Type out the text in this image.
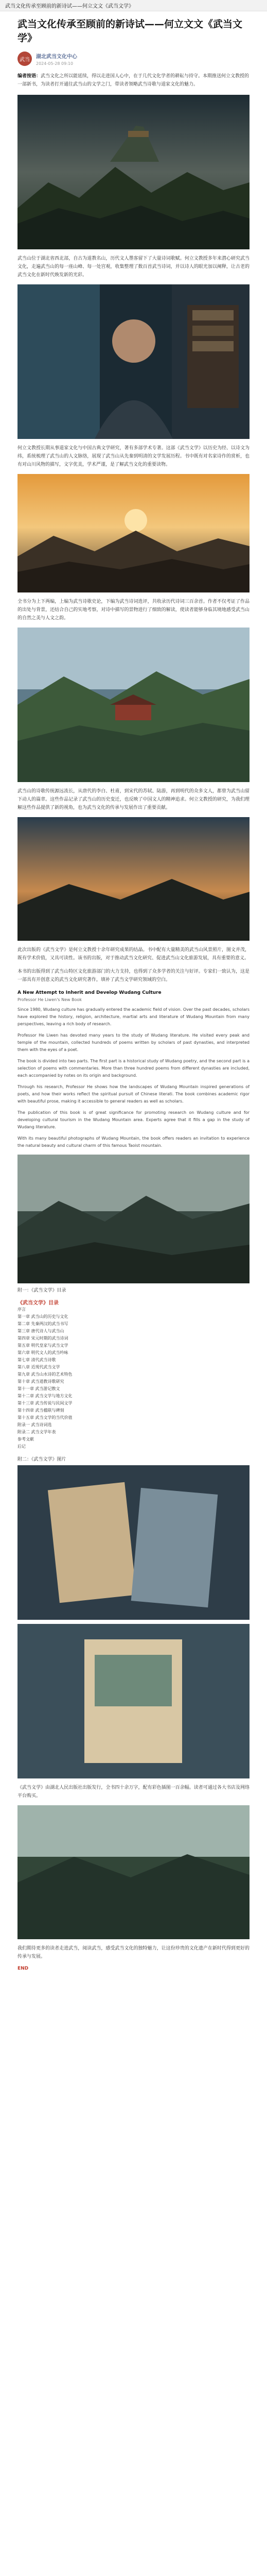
武当文化传承至顾前的新诗试——何立文文《武当文学》
武当文化传承至顾前的新诗试——何立文文《武当文学》
武当
湖北武当文化中心
2024-05-28 09:10

编者按语：武当文化之所以能延续，得以走进国人心中，在于几代文化学者的耕耘与持守。本期推送何立文教授的一部新书，为读者打开通往武当山的文学之门，带读者领略武当诗歌与道家文化的魅力。

武当山位于湖北省西北部，自古为道教名山，历代文人墨客留下了大量诗词歌赋。何立文教授多年来潜心研究武当文化，走遍武当山的每一座山峰、每一处宫观，收集整理了数百首武当诗词，并以诗人的眼光加以阐释，让古老的武当文化在新时代焕发新的光彩。

何立文教授长期从事道家文化与中国古典文学研究，著有多部学术专著。这部《武当文学》以历史为经、以诗文为纬，系统梳理了武当山的人文脉络，展现了武当山从先秦到明清的文学发展历程。书中既有对名家诗作的赏析，也有对山川风物的描写，文字优美，学术严谨，是了解武当文化的重要读物。

全书分为上下两编，上编为武当诗歌史论，下编为武当诗词选评，共收录历代诗词三百余首。作者不仅考证了作品的出处与背景，还结合自己的实地考察，对诗中描写的景物进行了细致的解读，使读者能够身临其境地感受武当山的自然之美与人文之韵。

武当山的诗歌传统源远流长，从唐代的李白、杜甫，到宋代的苏轼、陆游，再到明代的众多文人，都曾为武当山留下动人的篇章。这些作品记录了武当山的历史变迁，也反映了中国文人的精神追求。何立文教授的研究，为我们理解这些作品提供了新的视角，也为武当文化的传承与发展作出了重要贡献。

此次出版的《武当文学》是何立文教授十余年研究成果的结晶。书中配有大量精美的武当山风景照片，图文并茂，既有学术价值，又具可读性。该书的出版，对于推动武当文化研究、促进武当山文化旅游发展，具有重要的意义。

本书的出版得到了武当山特区文化旅游部门的大力支持，也得到了众多学者的关注与好评。专家们一致认为，这是一部具有开创意义的武当文化研究著作，填补了武当文学研究领域的空白。

A New Attempt to Inherit and Develop Wudang Culture
Professor He Liwen's New Book

Since 1980, Wudang culture has gradually entered the academic field of vision. Over the past decades, scholars have explored the history, religion, architecture, martial arts and literature of Wudang Mountain from many perspectives, leaving a rich body of research.

Professor He Liwen has devoted many years to the study of Wudang literature. He visited every peak and temple of the mountain, collected hundreds of poems written by scholars of past dynasties, and interpreted them with the eyes of a poet.

The book is divided into two parts. The first part is a historical study of Wudang poetry, and the second part is a selection of poems with commentaries. More than three hundred poems from different dynasties are included, each accompanied by notes on its origin and background.

Through his research, Professor He shows how the landscapes of Wudang Mountain inspired generations of poets, and how their works reflect the spiritual pursuit of Chinese literati. The book combines academic rigor with beautiful prose, making it accessible to general readers as well as scholars.

The publication of this book is of great significance for promoting research on Wudang culture and for developing cultural tourism in the Wudang Mountain area. Experts agree that it fills a gap in the study of Wudang literature.

With its many beautiful photographs of Wudang Mountain, the book offers readers an invitation to experience the natural beauty and cultural charm of this famous Taoist mountain.

附一：《武当文学》目录
《武当文学》目录
序言
第一章 武当山的历史与文化
第二章 先秦两汉的武当书写
第三章 唐代诗人与武当山
第四章 宋元时期的武当诗词
第五章 明代皇家与武当文学
第六章 明代文人的武当吟咏
第七章 清代武当诗歌
第八章 近现代武当文学
第九章 武当山水诗的艺术特色
第十章 武当道教诗歌研究
第十一章 武当游记散文
第十二章 武当文学与地方文化
第十三章 武当传说与民间文学
第十四章 武当楹联与碑刻
第十五章 武当文学的当代价值
附录一 武当诗词选
附录二 武当文学年表
参考文献
后记
附二：《武当文学》图片

《武当文学》由湖北人民出版社出版发行，全书四十余万字，配有彩色插图一百余幅。读者可通过各大书店及网络平台购买。

我们期待更多的读者走进武当，阅读武当，感受武当文化的独特魅力，让这份珍贵的文化遗产在新时代得到更好的传承与发展。

END
